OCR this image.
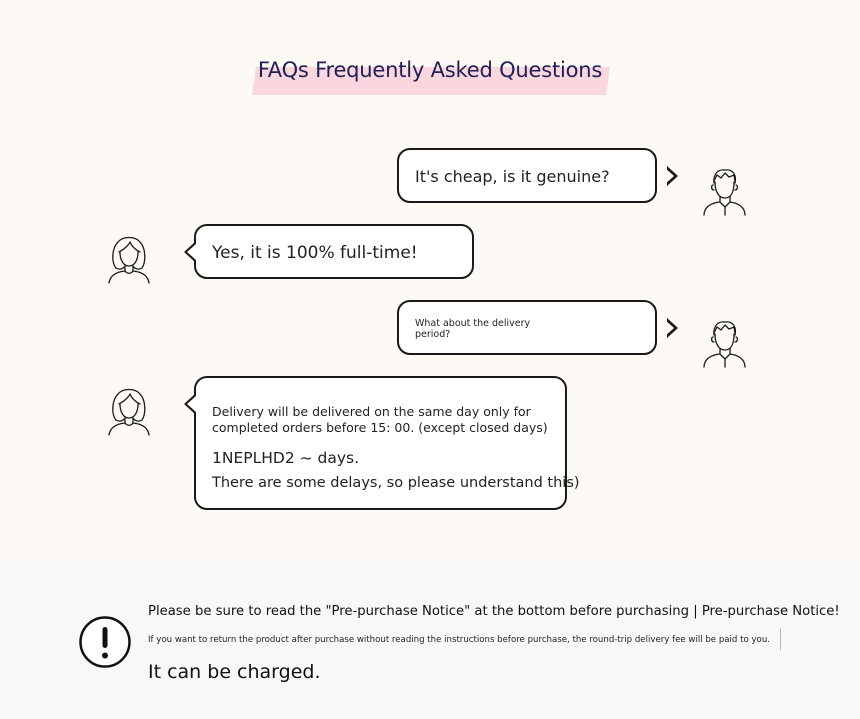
FAQs Frequently Asked Questions
It's cheap, is it genuine?
Yes, it is 100% full-time!
What about the delivery period?
Delivery will be delivered on the same day only for completed orders before 15: 00. (except closed days)
1NEPLHD2 ~ days.
There are some delays, so please understand this)
Please be sure to read the "Pre-purchase Notice" at the bottom before purchasing | Pre-purchase Notice!
If you want to return the product after purchase without reading the instructions before purchase, the round-trip delivery fee will be paid to you.
It can be charged.
